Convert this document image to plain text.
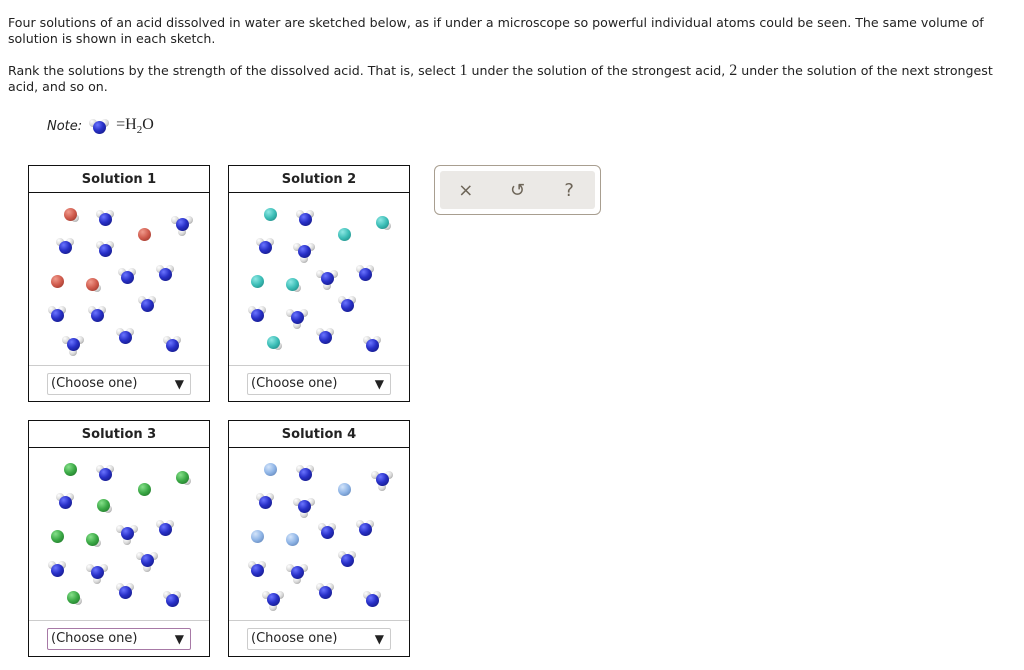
Four solutions of an acid dissolved in water are sketched below, as if under a microscope so powerful individual atoms could be seen. The same volume of solution is shown in each sketch.
Rank the solutions by the strength of the dissolved acid. That is, select 1 under the solution of the strongest acid, 2 under the solution of the next strongest acid, and so on.
Note: $=H_2O$
Solution 1
(Choose one)	▼
Solution 2
(Choose one)	▼
Solution 3
(Choose one)	▼
Solution 4
(Choose one)	▼
×	↺	?
